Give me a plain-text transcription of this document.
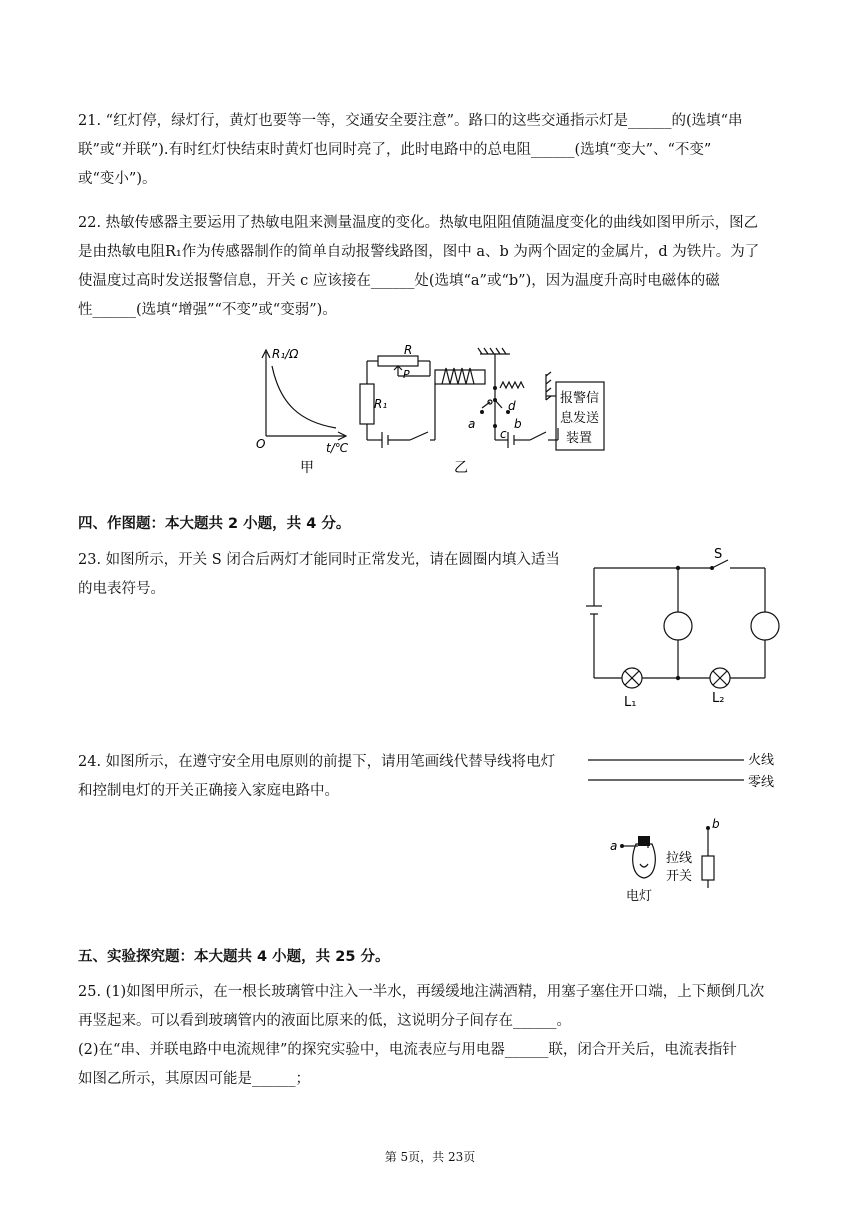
21. “红灯停，绿灯行，黄灯也要等一等，交通安全要注意”。路口的这些交通指示灯是______的(选填“串
联”或“并联”).有时红灯快结束时黄灯也同时亮了，此时电路中的总电阻______(选填“变大”、“不变”
或“变小”)。
22. 热敏传感器主要运用了热敏电阻来测量温度的变化。热敏电阻阻值随温度变化的曲线如图甲所示，图乙
是由热敏电阻R₁作为传感器制作的简单自动报警线路图，图中 a、b 为两个固定的金属片，d 为铁片。为了
使温度过高时发送报警信息，开关 c 应该接在______处(选填“a”或“b”)，因为温度升高时电磁体的磁
性______(选填“增强”“不变”或“变弱”)。
R₁/Ω
O	t/℃
甲
R
P
R₁
a	b
c
d	报警信
息发送
装置
乙
四、作图题：本大题共 2 小题，共 4 分。
23. 如图所示，开关 S 闭合后两灯才能同时正常发光，请在圆圈内填入适当
的电表符号。
S
L₁	L₂
24. 如图所示，在遵守安全用电原则的前提下，请用笔画线代替导线将电灯
和控制电灯的开关正确接入家庭电路中。
火线
零线
a
b
拉线
开关
电灯
五、实验探究题：本大题共 4 小题，共 25 分。
25. (1)如图甲所示，在一根长玻璃管中注入一半水，再缓缓地注满酒精，用塞子塞住开口端，上下颠倒几次
再竖起来。可以看到玻璃管内的液面比原来的低，这说明分子间存在______。
(2)在“串、并联电路中电流规律”的探究实验中，电流表应与用电器______联，闭合开关后，电流表指针
如图乙所示，其原因可能是______；
第 5页，共 23页
